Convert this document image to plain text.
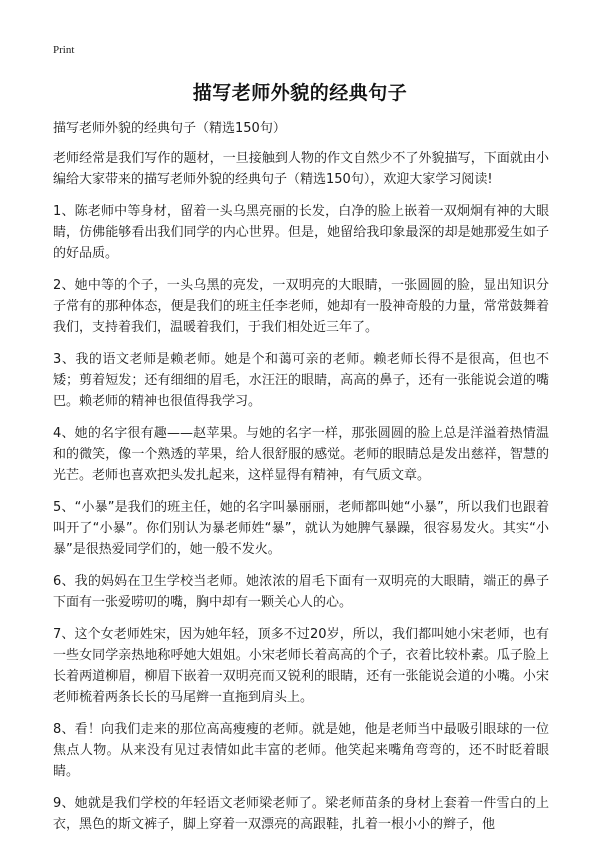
Print
描写老师外貌的经典句子

描写老师外貌的经典句子（精选150句）

老师经常是我们写作的题材，一旦接触到人物的作文自然少不了外貌描写，下面就由小编给大家带来的描写老师外貌的经典句子（精选150句），欢迎大家学习阅读!

1、陈老师中等身材，留着一头乌黑亮丽的长发，白净的脸上嵌着一双炯炯有神的大眼睛，仿佛能够看出我们同学的内心世界。但是，她留给我印象最深的却是她那爱生如子的好品质。

2、她中等的个子，一头乌黑的亮发，一双明亮的大眼睛，一张圆圆的脸，显出知识分子常有的那种体态，便是我们的班主任李老师，她却有一股神奇般的力量，常常鼓舞着我们，支持着我们，温暖着我们，于我们相处近三年了。

3、我的语文老师是赖老师。她是个和蔼可亲的老师。赖老师长得不是很高，但也不矮；剪着短发；还有细细的眉毛，水汪汪的眼睛，高高的鼻子，还有一张能说会道的嘴巴。赖老师的精神也很值得我学习。

4、她的名字很有趣——赵苹果。与她的名字一样，那张圆圆的脸上总是洋溢着热情温和的微笑，像一个熟透的苹果，给人很舒服的感觉。老师的眼睛总是发出慈祥，智慧的光芒。老师也喜欢把头发扎起来，这样显得有精神，有气质文章。

5、“小暴”是我们的班主任，她的名字叫暴丽丽，老师都叫她“小暴”，所以我们也跟着叫开了“小暴”。你们别认为暴老师姓“暴”，就认为她脾气暴躁，很容易发火。其实“小暴”是很热爱同学们的，她一般不发火。

6、我的妈妈在卫生学校当老师。她浓浓的眉毛下面有一双明亮的大眼睛，端正的鼻子下面有一张爱唠叨的嘴，胸中却有一颗关心人的心。

7、这个女老师姓宋，因为她年轻，顶多不过20岁，所以，我们都叫她小宋老师，也有一些女同学亲热地称呼她大姐姐。小宋老师长着高高的个子，衣着比较朴素。瓜子脸上长着两道柳眉，柳眉下嵌着一双明亮而又锐利的眼睛，还有一张能说会道的小嘴。小宋老师梳着两条长长的马尾辫一直拖到肩头上。

8、看！向我们走来的那位高高瘦瘦的老师。就是她，他是老师当中最吸引眼球的一位焦点人物。从来没有见过表情如此丰富的老师。他笑起来嘴角弯弯的，还不时眨着眼睛。

9、她就是我们学校的年轻语文老师梁老师了。梁老师苗条的身材上套着一件雪白的上衣，黑色的斯文裤子，脚上穿着一双漂亮的高跟鞋，扎着一根小小的辫子，他
